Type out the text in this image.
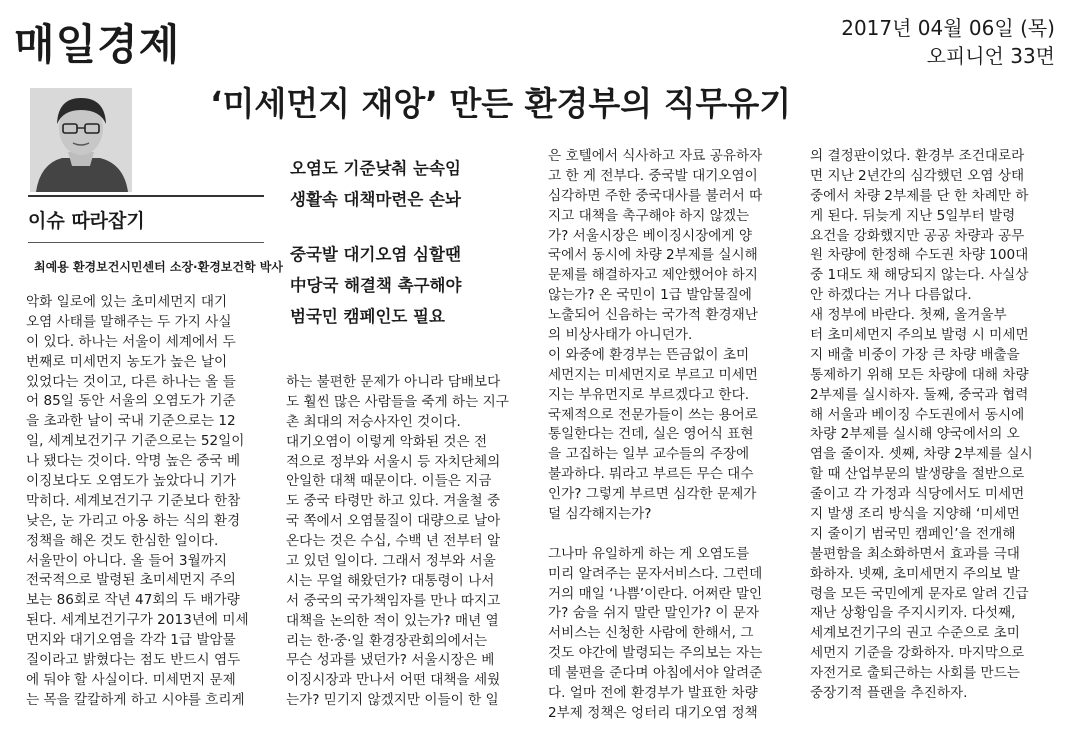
매일경제	2017년 04월 06일 (목)
오피니언 33면
‘미세먼지 재앙’ 만든 환경부의 직무유기
이슈 따라잡기
최예용 환경보건시민센터 소장·환경보건학 박사
오염도 기준낮춰 눈속임
생활속 대책마련은 손놔
중국발 대기오염 심할땐
中당국 해결책 촉구해야
범국민 캠페인도 필요
악화 일로에 있는 초미세먼지 대기
오염 사태를 말해주는 두 가지 사실
이 있다. 하나는 서울이 세계에서 두
번째로 미세먼지 농도가 높은 날이
있었다는 것이고, 다른 하나는 올 들
어 85일 동안 서울의 오염도가 기준
을 초과한 날이 국내 기준으로는 12
일, 세계보건기구 기준으로는 52일이
나 됐다는 것이다. 악명 높은 중국 베
이징보다도 오염도가 높았다니 기가
막히다. 세계보건기구 기준보다 한참
낮은, 눈 가리고 아옹 하는 식의 환경
정책을 해온 것도 한심한 일이다.
서울만이 아니다. 올 들어 3월까지
전국적으로 발령된 초미세먼지 주의
보는 86회로 작년 47회의 두 배가량
된다. 세계보건기구가 2013년에 미세
먼지와 대기오염을 각각 1급 발암물
질이라고 밝혔다는 점도 반드시 염두
에 둬야 할 사실이다. 미세먼지 문제
는 목을 칼칼하게 하고 시야를 흐리게
하는 불편한 문제가 아니라 담배보다
도 훨씬 많은 사람들을 죽게 하는 지구
촌 최대의 저승사자인 것이다.
대기오염이 이렇게 악화된 것은 전
적으로 정부와 서울시 등 자치단체의
안일한 대책 때문이다. 이들은 지금
도 중국 타령만 하고 있다. 겨울철 중
국 쪽에서 오염물질이 대량으로 날아
온다는 것은 수십, 수백 년 전부터 알
고 있던 일이다. 그래서 정부와 서울
시는 무얼 해왔던가? 대통령이 나서
서 중국의 국가책임자를 만나 따지고
대책을 논의한 적이 있는가? 매년 열
리는 한·중·일 환경장관회의에서는
무슨 성과를 냈던가? 서울시장은 베
이징시장과 만나서 어떤 대책을 세웠
는가? 믿기지 않겠지만 이들이 한 일
은 호텔에서 식사하고 자료 공유하자
고 한 게 전부다. 중국발 대기오염이
심각하면 주한 중국대사를 불러서 따
지고 대책을 촉구해야 하지 않겠는
가? 서울시장은 베이징시장에게 양
국에서 동시에 차량 2부제를 실시해
문제를 해결하자고 제안했어야 하지
않는가? 온 국민이 1급 발암물질에
노출되어 신음하는 국가적 환경재난
의 비상사태가 아니던가.
이 와중에 환경부는 뜬금없이 초미
세먼지는 미세먼지로 부르고 미세먼
지는 부유먼지로 부르겠다고 한다.
국제적으로 전문가들이 쓰는 용어로
통일한다는 건데, 실은 영어식 표현
을 고집하는 일부 교수들의 주장에
불과하다. 뭐라고 부르든 무슨 대수
인가? 그렇게 부르면 심각한 문제가
덜 심각해지는가?
그나마 유일하게 하는 게 오염도를
미리 알려주는 문자서비스다. 그런데
거의 매일 ‘나쁨’이란다. 어쩌란 말인
가? 숨을 쉬지 말란 말인가? 이 문자
서비스는 신청한 사람에 한해서, 그
것도 야간에 발령되는 주의보는 자는
데 불편을 준다며 아침에서야 알려준
다. 얼마 전에 환경부가 발표한 차량
2부제 정책은 엉터리 대기오염 정책
의 결정판이었다. 환경부 조건대로라
면 지난 2년간의 심각했던 오염 상태
중에서 차량 2부제를 단 한 차례만 하
게 된다. 뒤늦게 지난 5일부터 발령
요건을 강화했지만 공공 차량과 공무
원 차량에 한정해 수도권 차량 100대
중 1대도 채 해당되지 않는다. 사실상
안 하겠다는 거나 다름없다.
새 정부에 바란다. 첫째, 올겨울부
터 초미세먼지 주의보 발령 시 미세먼
지 배출 비중이 가장 큰 차량 배출을
통제하기 위해 모든 차량에 대해 차량
2부제를 실시하자. 둘째, 중국과 협력
해 서울과 베이징 수도권에서 동시에
차량 2부제를 실시해 양국에서의 오
염을 줄이자. 셋째, 차량 2부제를 실시
할 때 산업부문의 발생량을 절반으로
줄이고 각 가정과 식당에서도 미세먼
지 발생 조리 방식을 지양해 ‘미세먼
지 줄이기 범국민 캠페인’을 전개해
불편함을 최소화하면서 효과를 극대
화하자. 넷째, 초미세먼지 주의보 발
령을 모든 국민에게 문자로 알려 긴급
재난 상황임을 주지시키자. 다섯째,
세계보건기구의 권고 수준으로 초미
세먼지 기준을 강화하자. 마지막으로
자전거로 출퇴근하는 사회를 만드는
중장기적 플랜을 추진하자.
